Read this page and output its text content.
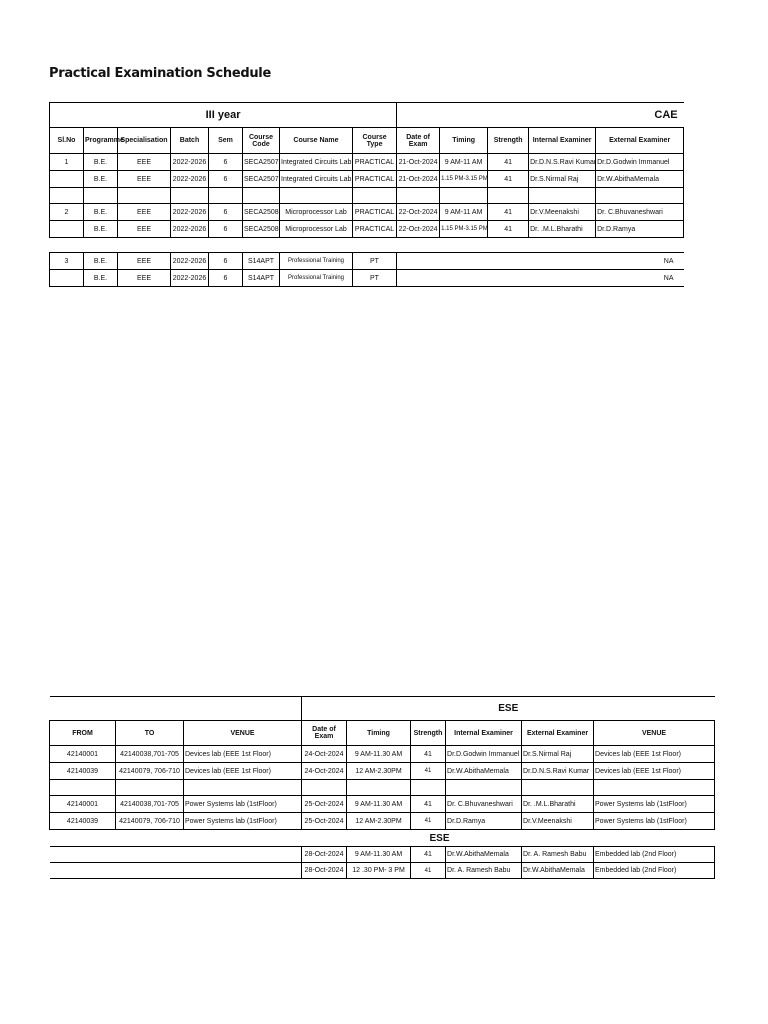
Practical Examination Schedule
III year								CAE				
Sl.No	Programme	Specialisation	Batch	Sem	Course Code	Course Name	Course Type	Date of Exam	Timing	Strength	Internal Examiner	External Examiner
1	B.E.	EEE	2022-2026	6	SECA2507	Integrated Circuits Lab	PRACTICAL	21-Oct-2024	9 AM-11 AM	41	Dr.D.N.S.Ravi Kumar	Dr.D.Godwin Immanuel
	B.E.	EEE	2022-2026	6	SECA2507	Integrated Circuits Lab	PRACTICAL	21-Oct-2024	1.15 PM-3.15 PM	41	Dr.S.Nirmal Raj	Dr.W.AbithaMemala

2	B.E.	EEE	2022-2026	6	SECA2508	Microprocessor Lab	PRACTICAL	22-Oct-2024	9 AM-11 AM	41	Dr.V.Meenakshi	Dr. C.Bhuvaneshwari
	B.E.	EEE	2022-2026	6	SECA2508	Microprocessor Lab	PRACTICAL	22-Oct-2024	1.15 PM-3.15 PM	41	Dr. .M.L.Bharathi	Dr.D.Ramya
3	B.E.	EEE	2022-2026	6	S14APT	Professional Training	PT	NA
	B.E.	EEE	2022-2026	6	S14APT	Professional Training	PT	NA
			ESE					
FROM	TO	VENUE	Date of Exam	Timing	Strength	Internal Examiner	External Examiner	VENUE
42140001	42140038,701-705	Devices lab (EEE 1st Floor)	24-Oct-2024	9 AM-11.30 AM	41	Dr.D.Godwin Immanuel	Dr.S.Nirmal Raj	Devices lab (EEE 1st Floor)
42140039	42140079, 706-710	Devices lab (EEE 1st Floor)	24-Oct-2024	12 AM-2.30PM	41	Dr.W.AbithaMemala	Dr.D.N.S.Ravi Kumar	Devices lab (EEE 1st Floor)

42140001	42140038,701-705	Power Systems lab (1stFloor)	25-Oct-2024	9 AM-11.30 AM	41	Dr. C.Bhuvaneshwari	Dr. .M.L.Bharathi	Power Systems lab (1stFloor)
42140039	42140079, 706-710	Power Systems lab (1stFloor)	25-Oct-2024	12 AM-2.30PM	41	Dr.D.Ramya	Dr.V.Meenakshi	Power Systems lab (1stFloor)
ESE								
			28-Oct-2024	9 AM-11.30 AM	41	Dr.W.AbithaMemala	Dr. A. Ramesh Babu	Embedded lab (2nd Floor)
			28-Oct-2024	12 .30 PM- 3 PM	41	Dr. A. Ramesh Babu	Dr.W.AbithaMemala	Embedded lab (2nd Floor)
